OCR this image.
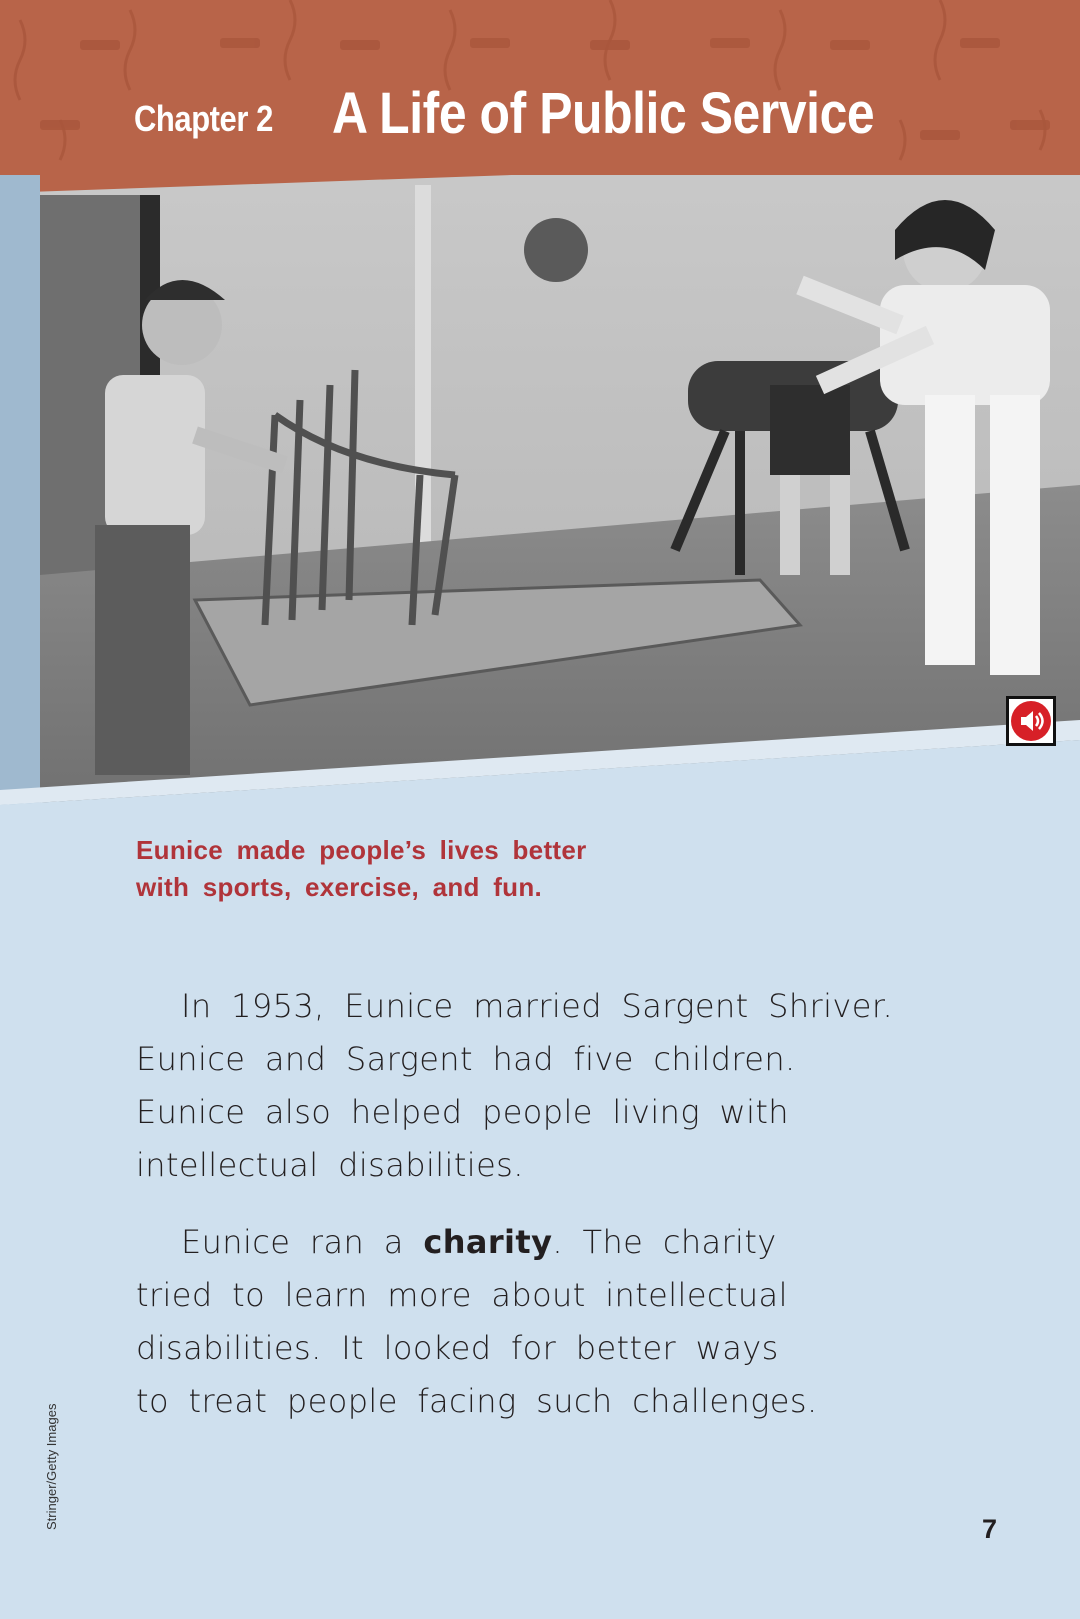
Chapter 2 A Life of Public Service
Eunice made people’s lives better
with sports, exercise, and fun.
In 1953, Eunice married Sargent Shriver.
Eunice and Sargent had five children.
Eunice also helped people living with
intellectual disabilities.
Eunice ran a charity. The charity
tried to learn more about intellectual
disabilities. It looked for better ways
to treat people facing such challenges.
Stringer/Getty Images	7
